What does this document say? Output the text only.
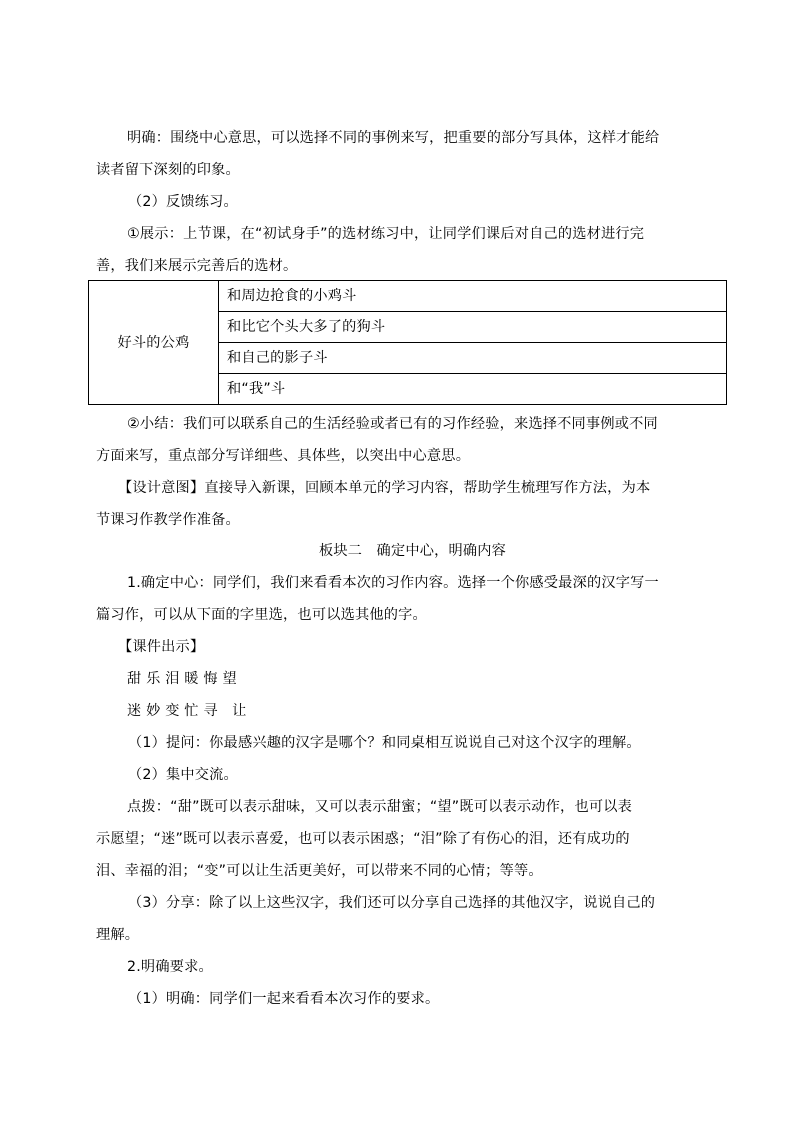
明确：围绕中心意思，可以选择不同的事例来写，把重要的部分写具体，这样才能给
读者留下深刻的印象。
（2）反馈练习。
①展示：上节课，在“初试身手”的选材练习中，让同学们课后对自己的选材进行完
善，我们来展示完善后的选材。
好斗的公鸡	和周边抢食的小鸡斗
和比它个头大多了的狗斗
和自己的影子斗
和“我”斗
②小结：我们可以联系自己的生活经验或者已有的习作经验，来选择不同事例或不同
方面来写，重点部分写详细些、具体些，以突出中心意思。
【设计意图】直接导入新课，回顾本单元的学习内容，帮助学生梳理写作方法，为本
节课习作教学作准备。
板块二　确定中心，明确内容
1.确定中心：同学们，我们来看看本次的习作内容。选择一个你感受最深的汉字写一
篇习作，可以从下面的字里选，也可以选其他的字。
【课件出示】
甜 乐 泪 暖 悔 望
迷 妙 变 忙 寻　让
（1）提问：你最感兴趣的汉字是哪个？和同桌相互说说自己对这个汉字的理解。
（2）集中交流。
点拨：“甜”既可以表示甜味，又可以表示甜蜜；“望”既可以表示动作，也可以表
示愿望；“迷”既可以表示喜爱，也可以表示困惑；“泪”除了有伤心的泪，还有成功的
泪、幸福的泪；“变”可以让生活更美好，可以带来不同的心情；等等。
（3）分享：除了以上这些汉字，我们还可以分享自己选择的其他汉字，说说自己的
理解。
2.明确要求。
（1）明确：同学们一起来看看本次习作的要求。
